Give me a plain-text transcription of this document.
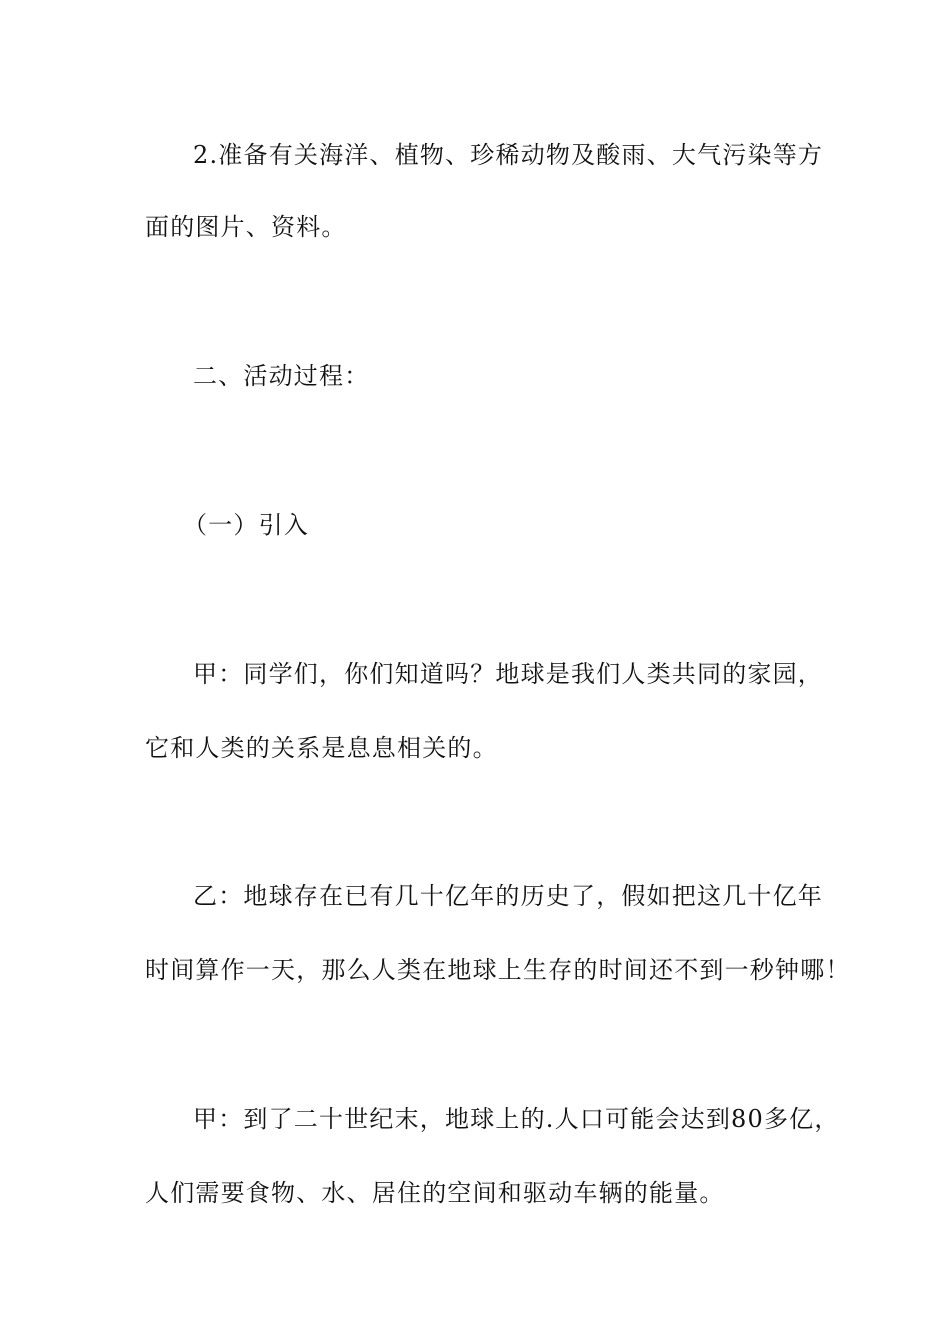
2.准备有关海洋、植物、珍稀动物及酸雨、大气污染等方
面的图片、资料。
二、活动过程：
（一）引入
甲：同学们，你们知道吗？地球是我们人类共同的家园，
它和人类的关系是息息相关的。
乙：地球存在已有几十亿年的历史了，假如把这几十亿年
时间算作一天，那么人类在地球上生存的时间还不到一秒钟哪！
甲：到了二十世纪末，地球上的.人口可能会达到80多亿，
人们需要食物、水、居住的空间和驱动车辆的能量。
